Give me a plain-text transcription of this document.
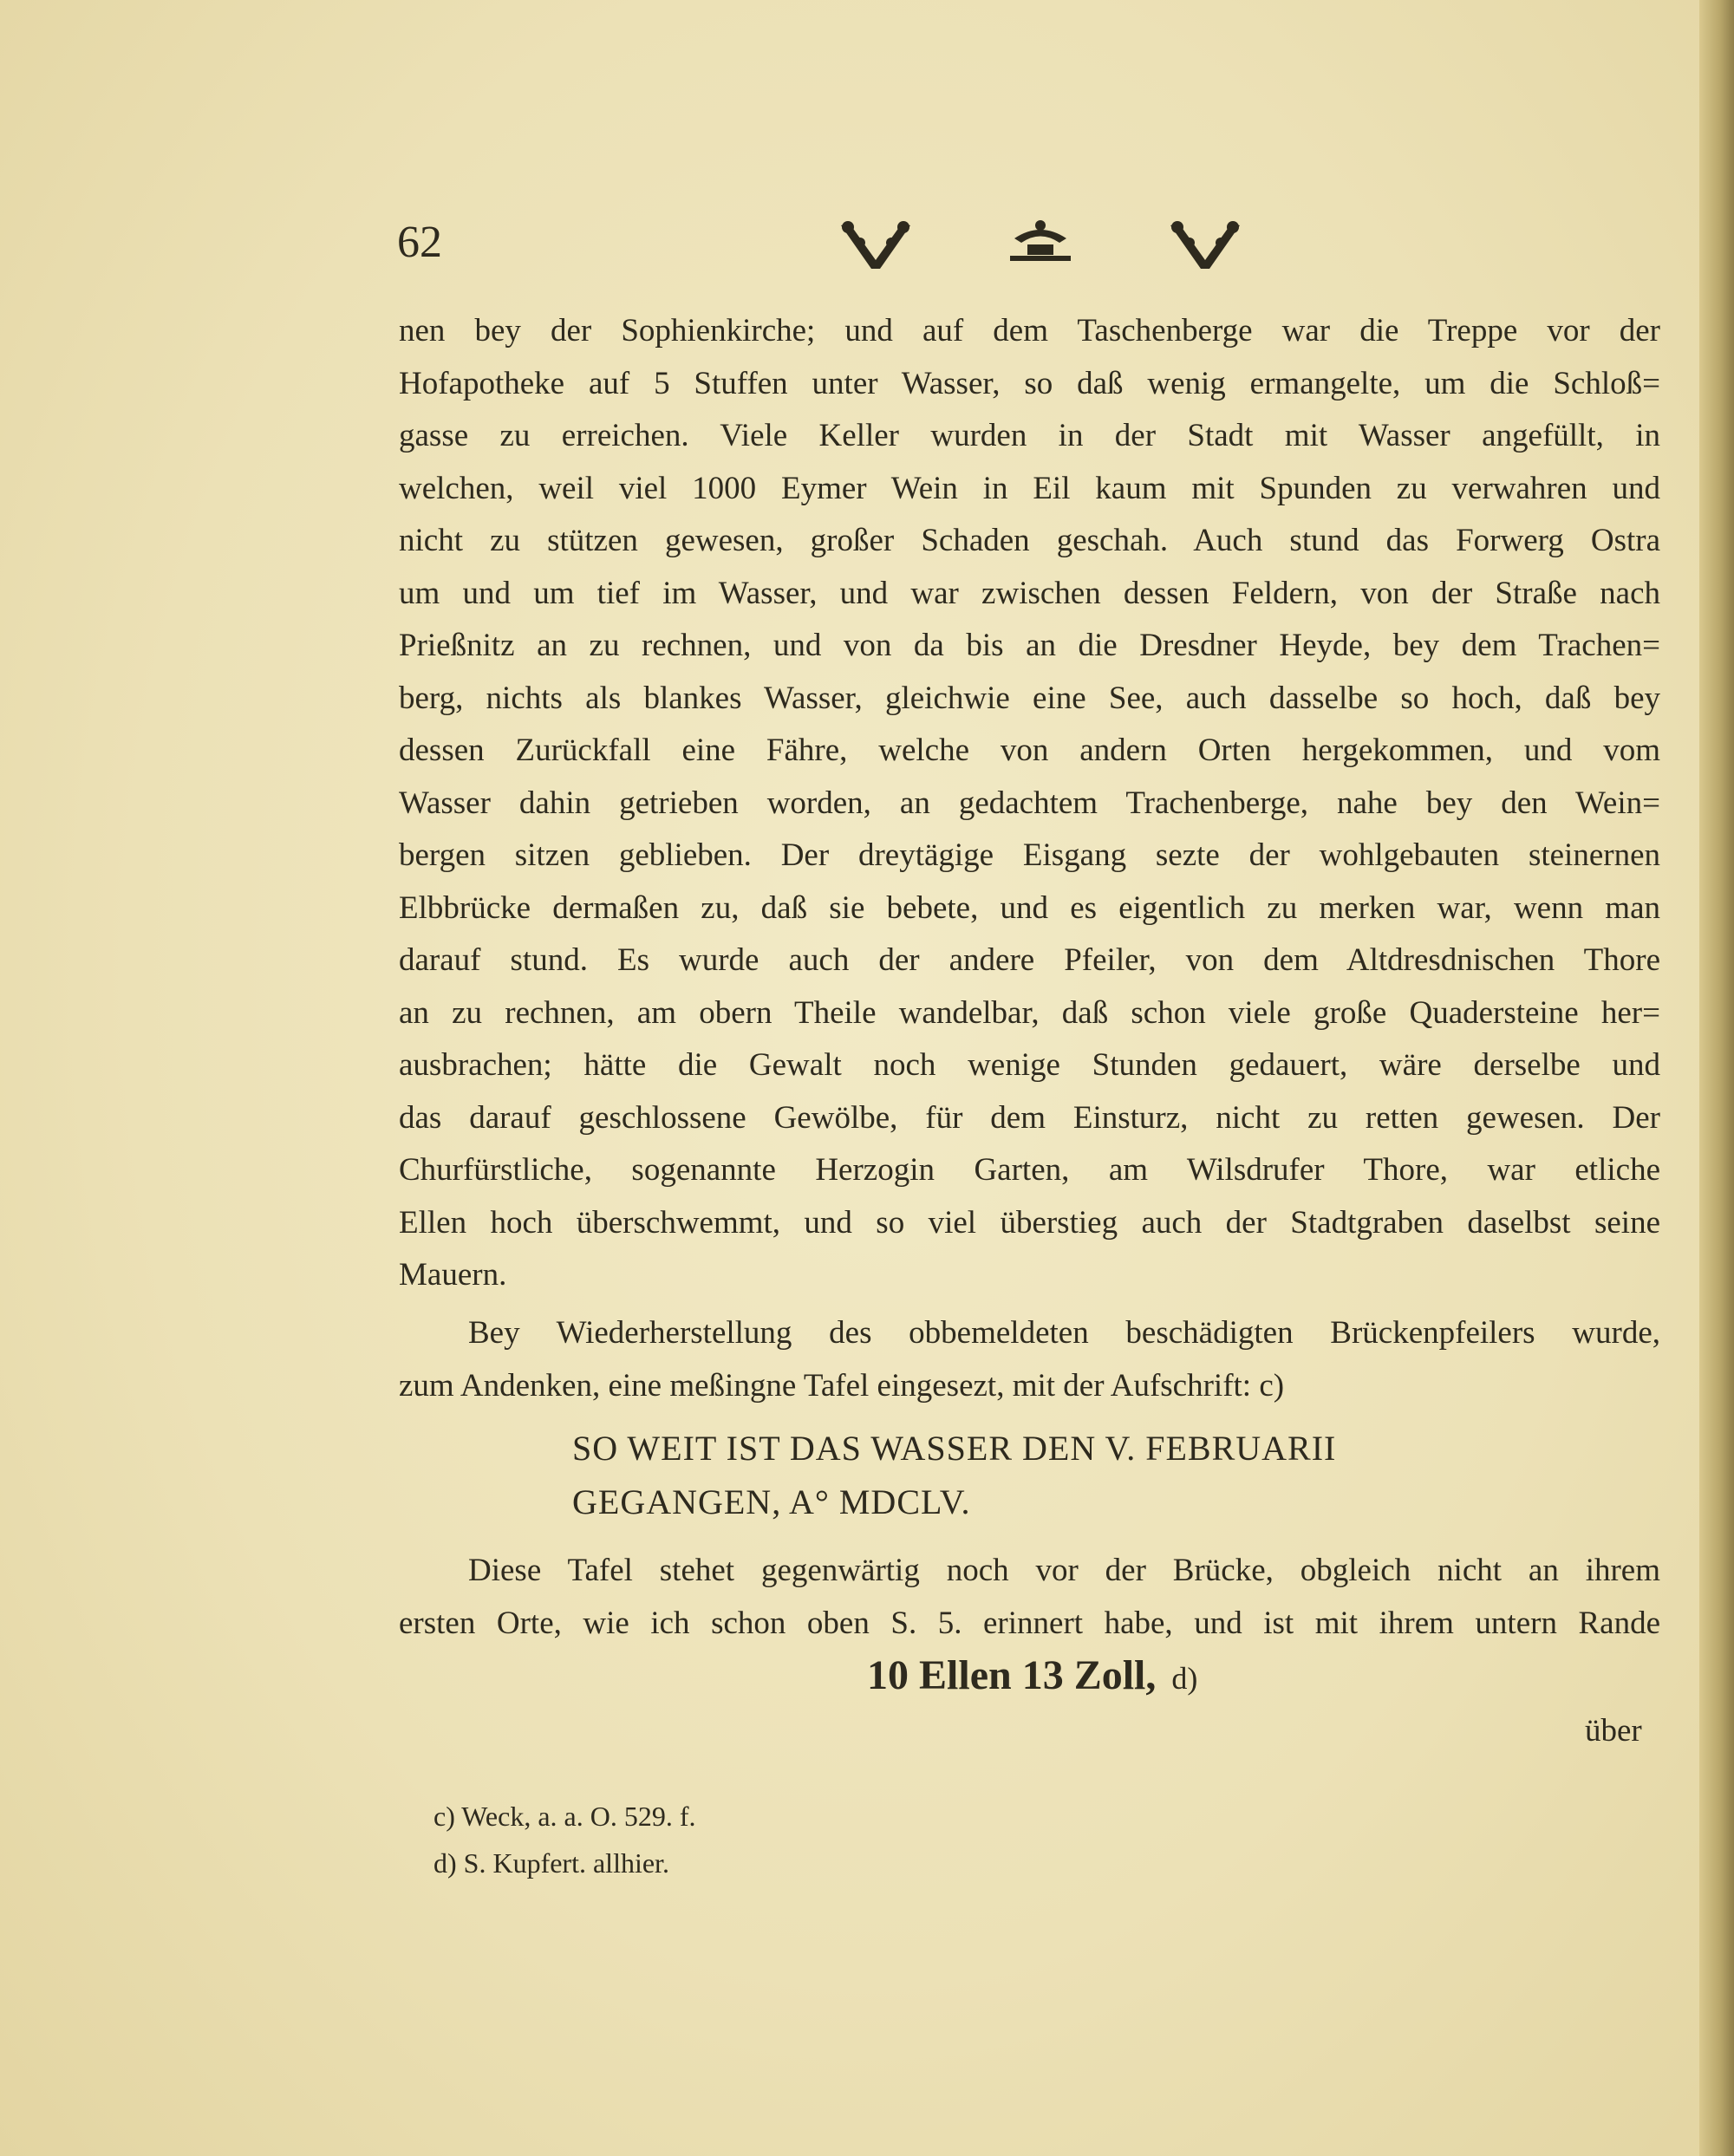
62
nen bey der Sophienkirche; und auf dem Taschenberge war die Treppe vor der
Hofapotheke auf 5 Stuffen unter Wasser, so daß wenig ermangelte, um die Schloß=
gasse zu erreichen. Viele Keller wurden in der Stadt mit Wasser angefüllt, in
welchen, weil viel 1000 Eymer Wein in Eil kaum mit Spunden zu verwahren und
nicht zu stützen gewesen, großer Schaden geschah. Auch stund das Forwerg Ostra
um und um tief im Wasser, und war zwischen dessen Feldern, von der Straße nach
Prießnitz an zu rechnen, und von da bis an die Dresdner Heyde, bey dem Trachen=
berg, nichts als blankes Wasser, gleichwie eine See, auch dasselbe so hoch, daß bey
dessen Zurückfall eine Fähre, welche von andern Orten hergekommen, und vom
Wasser dahin getrieben worden, an gedachtem Trachenberge, nahe bey den Wein=
bergen sitzen geblieben. Der dreytägige Eisgang sezte der wohlgebauten steinernen
Elbbrücke dermaßen zu, daß sie bebete, und es eigentlich zu merken war, wenn man
darauf stund. Es wurde auch der andere Pfeiler, von dem Altdresdnischen Thore
an zu rechnen, am obern Theile wandelbar, daß schon viele große Quadersteine her=
ausbrachen; hätte die Gewalt noch wenige Stunden gedauert, wäre derselbe und
das darauf geschlossene Gewölbe, für dem Einsturz, nicht zu retten gewesen. Der
Churfürstliche, sogenannte Herzogin Garten, am Wilsdrufer Thore, war etliche
Ellen hoch überschwemmt, und so viel überstieg auch der Stadtgraben daselbst seine
Mauern.
Bey Wiederherstellung des obbemeldeten beschädigten Brückenpfeilers wurde,
zum Andenken, eine meßingne Tafel eingesezt, mit der Aufschrift: c)
SO WEIT IST DAS WASSER DEN V. FEBRUARII
GEGANGEN, A° MDCLV.
Diese Tafel stehet gegenwärtig noch vor der Brücke, obgleich nicht an ihrem
ersten Orte, wie ich schon oben S. 5. erinnert habe, und ist mit ihrem untern Rande
10 Ellen 13 Zoll, d)
über
c) Weck, a. a. O. 529. f.
d) S. Kupfert. allhier.
